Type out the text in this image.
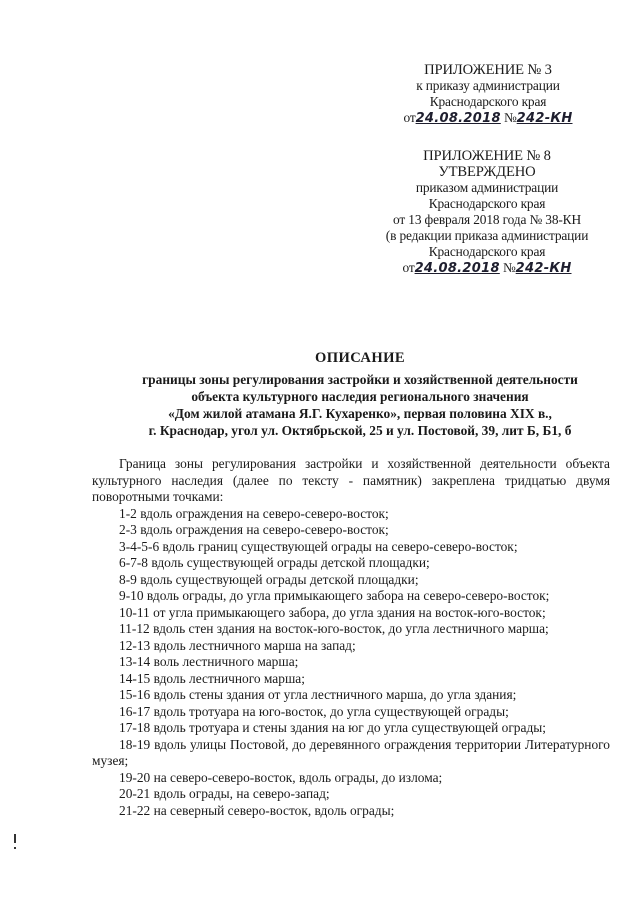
ПРИЛОЖЕНИЕ № 3
к приказу администрации
Краснодарского края
от24.08.2018 №242-КН
ПРИЛОЖЕНИЕ № 8
УТВЕРЖДЕНО
приказом администрации
Краснодарского края
от 13 февраля 2018 года № 38-КН
(в редакции приказа администрации
Краснодарского края
от24.08.2018 №242-КН
ОПИСАНИЕ
границы зоны регулирования застройки и хозяйственной деятельности
объекта культурного наследия регионального значения
«Дом жилой атамана Я.Г. Кухаренко», первая половина XIX в.,
г. Краснодар, угол ул. Октябрьской, 25 и ул. Постовой, 39, лит Б, Б1, б

Граница зоны регулирования застройки и хозяйственной деятельности объекта культурного наследия (далее по тексту - памятник) закреплена тридцатью двумя поворотными точками:

1-2 вдоль ограждения на северо-северо-восток;

2-3 вдоль ограждения на северо-северо-восток;

3-4-5-6 вдоль границ существующей ограды на северо-северо-восток;

6-7-8 вдоль существующей ограды детской площадки;

8-9 вдоль существующей ограды детской площадки;

9-10 вдоль ограды, до угла примыкающего забора на северо-северо-восток;

10-11 от угла примыкающего забора, до угла здания на восток-юго-восток;

11-12 вдоль стен здания на восток-юго-восток, до угла лестничного марша;

12-13 вдоль лестничного марша на запад;

13-14 воль лестничного марша;

14-15 вдоль лестничного марша;

15-16 вдоль стены здания от угла лестничного марша, до угла здания;

16-17 вдоль тротуара на юго-восток, до угла существующей ограды;

17-18 вдоль тротуара и стены здания на юг до угла существующей ограды;

18-19 вдоль улицы Постовой, до деревянного ограждения территории Литературного музея;

19-20 на северо-северо-восток, вдоль ограды, до излома;

20-21 вдоль ограды, на северо-запад;

21-22 на северный северо-восток, вдоль ограды;
